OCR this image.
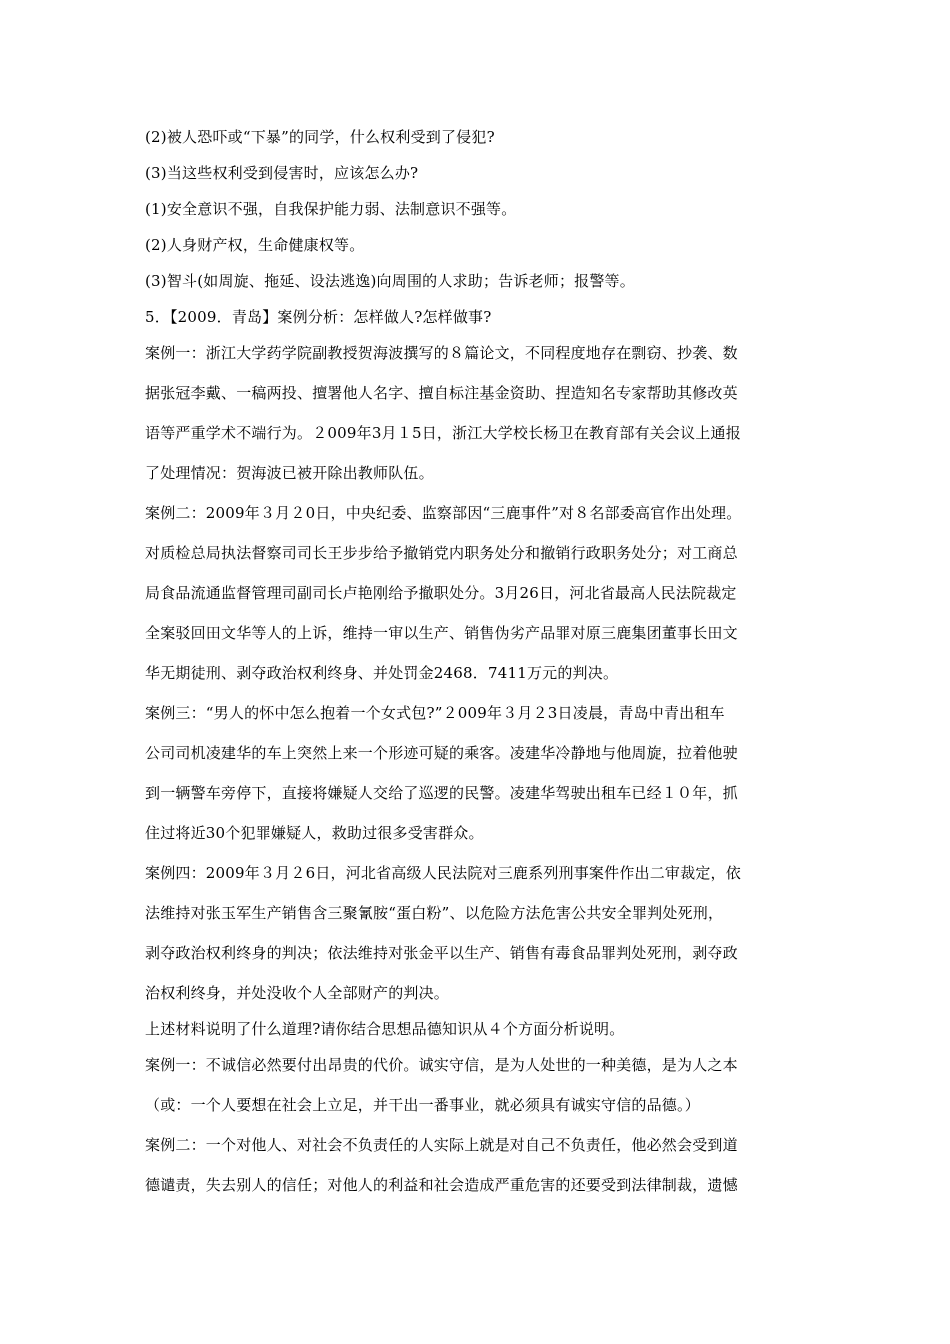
(2)被人恐吓或“下暴”的同学，什么权利受到了侵犯?
(3)当这些权利受到侵害时，应该怎么办?
(1)安全意识不强，自我保护能力弱、法制意识不强等。
(2)人身财产权，生命健康权等。
(3)智斗(如周旋、拖延、设法逃逸)向周围的人求助；告诉老师；报警等。
5．【2009．青岛】案例分析：怎样做人?怎样做事?
案例一：浙江大学药学院副教授贺海波撰写的８篇论文，不同程度地存在剽窃、抄袭、数
据张冠李戴、一稿两投、擅署他人名字、擅自标注基金资助、捏造知名专家帮助其修改英
语等严重学术不端行为。２009年3月１5日，浙江大学校长杨卫在教育部有关会议上通报
了处理情况：贺海波已被开除出教师队伍。
案例二：2009年３月２0日，中央纪委、监察部因“三鹿事件”对８名部委高官作出处理。
对质检总局执法督察司司长王步步给予撤销党内职务处分和撤销行政职务处分；对工商总
局食品流通监督管理司副司长卢艳刚给予撤职处分。3月26日，河北省最高人民法院裁定
全案驳回田文华等人的上诉，维持一审以生产、销售伪劣产品罪对原三鹿集团董事长田文
华无期徒刑、剥夺政治权利终身、并处罚金2468．7411万元的判决。
案例三：“男人的怀中怎么抱着一个女式包?”２009年３月２3日凌晨，青岛中青出租车
公司司机凌建华的车上突然上来一个形迹可疑的乘客。凌建华冷静地与他周旋，拉着他驶
到一辆警车旁停下，直接将嫌疑人交给了巡逻的民警。凌建华驾驶出租车已经１０年，抓
住过将近30个犯罪嫌疑人，救助过很多受害群众。
案例四：2009年３月２6日，河北省高级人民法院对三鹿系列刑事案件作出二审裁定，依
法维持对张玉军生产销售含三聚氰胺“蛋白粉”、以危险方法危害公共安全罪判处死刑，
剥夺政治权利终身的判决；依法维持对张金平以生产、销售有毒食品罪判处死刑，剥夺政
治权利终身，并处没收个人全部财产的判决。
上述材料说明了什么道理?请你结合思想品德知识从４个方面分析说明。
案例一：不诚信必然要付出昂贵的代价。诚实守信，是为人处世的一种美德，是为人之本
（或：一个人要想在社会上立足，并干出一番事业，就必须具有诚实守信的品德。）
案例二：一个对他人、对社会不负责任的人实际上就是对自己不负责任，他必然会受到道
德谴责，失去别人的信任；对他人的利益和社会造成严重危害的还要受到法律制裁，遗憾
